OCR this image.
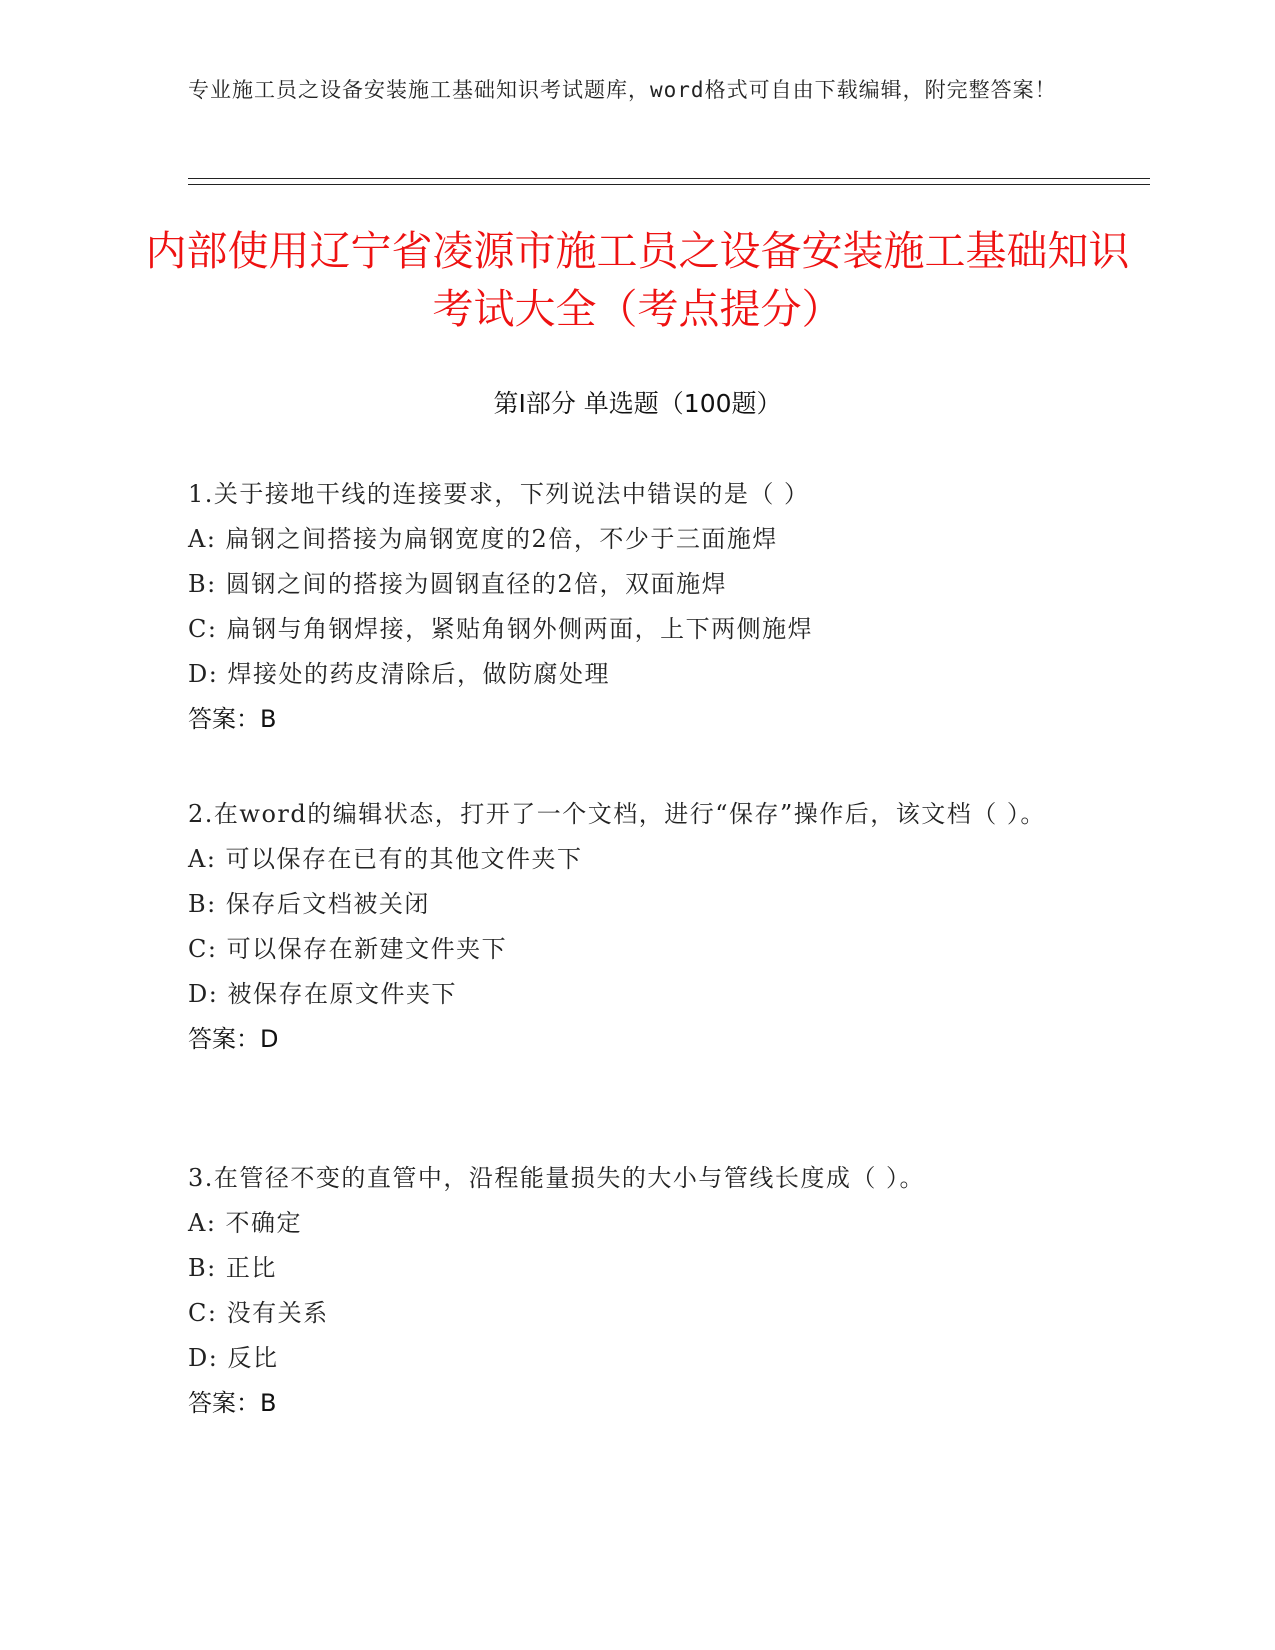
专业施工员之设备安装施工基础知识考试题库，word格式可自由下载编辑，附完整答案！
内部使用辽宁省凌源市施工员之设备安装施工基础知识考试大全（考点提分）
第Ⅰ部分 单选题（100题）
1.关于接地干线的连接要求，下列说法中错误的是（ ）
A: 扁钢之间搭接为扁钢宽度的2倍，不少于三面施焊
B: 圆钢之间的搭接为圆钢直径的2倍，双面施焊
C: 扁钢与角钢焊接，紧贴角钢外侧两面，上下两侧施焊
D: 焊接处的药皮清除后，做防腐处理
答案：B
2.在word的编辑状态，打开了一个文档，进行“保存”操作后，该文档（ ）。
A: 可以保存在已有的其他文件夹下
B: 保存后文档被关闭
C: 可以保存在新建文件夹下
D: 被保存在原文件夹下
答案：D
3.在管径不变的直管中，沿程能量损失的大小与管线长度成（ ）。
A: 不确定
B: 正比
C: 没有关系
D: 反比
答案：B
